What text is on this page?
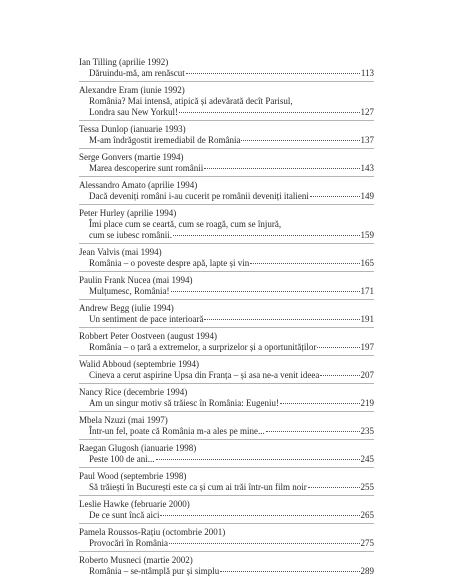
Ian Tilling (aprilie 1992)
Dăruindu-mă, am renăscut	113
Alexandre Eram (iunie 1992)
România? Mai intensă, atipică și adevărată decît Parisul,
Londra sau New Yorkul!	127
Tessa Dunlop (ianuarie 1993)
M-am îndrăgostit iremediabil de România	137
Serge Gonvers (martie 1994)
Marea descoperire sunt românii	143
Alessandro Amato (aprilie 1994)
Dacă deveniți români i-au cucerit pe românii deveniți italieni	149
Peter Hurley (aprilie 1994)
Îmi place cum se ceartă, cum se roagă, cum se înjură,
cum se iubesc românii.	159
Jean Valvis (mai 1994)
România – o poveste despre apă, lapte și vin	165
Paulin Frank Nucea (mai 1994)
Mulțumesc, România!	171
Andrew Begg (iulie 1994)
Un sentiment de pace interioară	191
Robbert Peter Oostveen (august 1994)
România – o țară a extremelor, a surprizelor și a oportunităților	197
Walid Abboud (septembrie 1994)
Cineva a cerut aspirine Upsa din Franța – și asa ne-a venit ideea	207
Nancy Rice (decembrie 1994)
Am un singur motiv să trăiesc în România: Eugeniu!	219
Mbela Nzuzi (mai 1997)
Într-un fel, poate că România m-a ales pe mine...	235
Raegan Glugosh (ianuarie 1998)
Peste 100 de ani...	245
Paul Wood (septembrie 1998)
Să trăiești în București este ca și cum ai trăi într-un film noir	255
Leslie Hawke (februarie 2000)
De ce sunt încă aici	265
Pamela Roussos-Rațiu (octombrie 2001)
Provocări în România	275
Roberto Musneci (martie 2002)
România – se-ntâmplă pur și simplu	289
